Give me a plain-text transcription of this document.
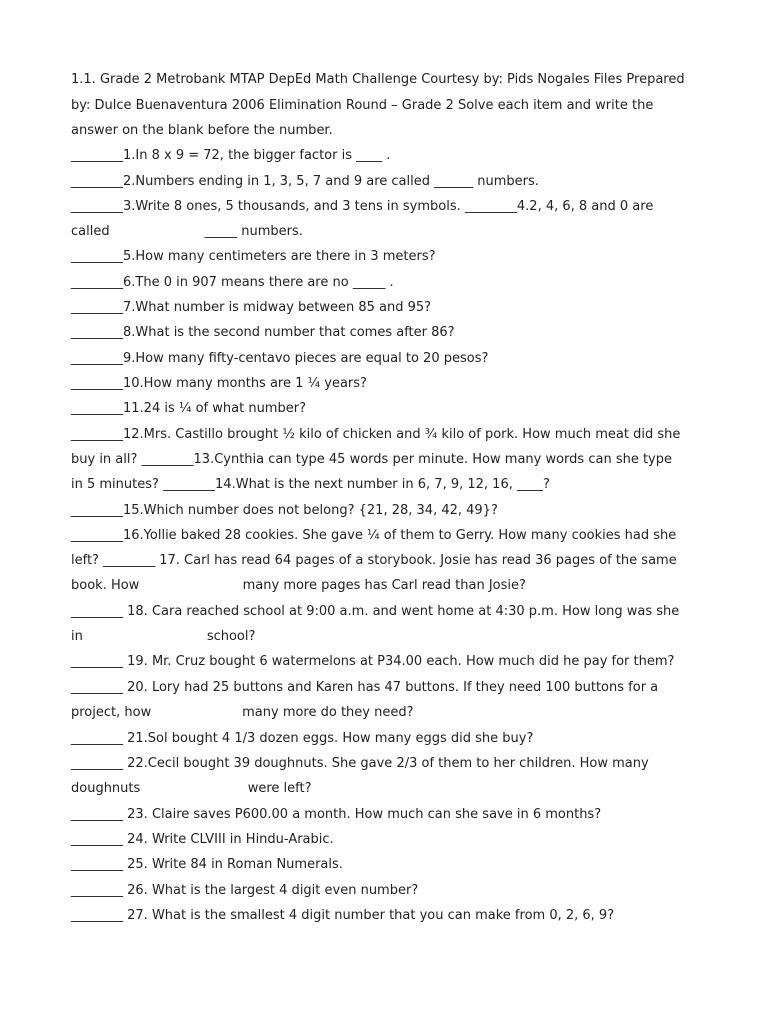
1.1. Grade 2 Metrobank MTAP DepEd Math Challenge Courtesy by: Pids Nogales Files Prepared
by: Dulce Buenaventura 2006 Elimination Round – Grade 2 Solve each item and write the
answer on the blank before the number.
________1.In 8 x 9 = 72, the bigger factor is ____ .
________2.Numbers ending in 1, 3, 5, 7 and 9 are called ______ numbers.
________3.Write 8 ones, 5 thousands, and 3 tens in symbols. ________4.2, 4, 6, 8 and 0 are
called                       _____ numbers.
________5.How many centimeters are there in 3 meters?
________6.The 0 in 907 means there are no _____ .
________7.What number is midway between 85 and 95?
________8.What is the second number that comes after 86?
________9.How many fifty-centavo pieces are equal to 20 pesos?
________10.How many months are 1 ¼ years?
________11.24 is ¼ of what number?
________12.Mrs. Castillo brought ½ kilo of chicken and ¾ kilo of pork. How much meat did she
buy in all? ________13.Cynthia can type 45 words per minute. How many words can she type
in 5 minutes? ________14.What is the next number in 6, 7, 9, 12, 16, ____?
________15.Which number does not belong? {21, 28, 34, 42, 49}?
________16.Yollie baked 28 cookies. She gave ¼ of them to Gerry. How many cookies had she
left? ________ 17. Carl has read 64 pages of a storybook. Josie has read 36 pages of the same
book. How                         many more pages has Carl read than Josie?
________ 18. Cara reached school at 9:00 a.m. and went home at 4:30 p.m. How long was she
in                              school?
________ 19. Mr. Cruz bought 6 watermelons at P34.00 each. How much did he pay for them?
________ 20. Lory had 25 buttons and Karen has 47 buttons. If they need 100 buttons for a
project, how                      many more do they need?
________ 21.Sol bought 4 1/3 dozen eggs. How many eggs did she buy?
________ 22.Cecil bought 39 doughnuts. She gave 2/3 of them to her children. How many
doughnuts                          were left?
________ 23. Claire saves P600.00 a month. How much can she save in 6 months?
________ 24. Write CLVIII in Hindu-Arabic.
________ 25. Write 84 in Roman Numerals.
________ 26. What is the largest 4 digit even number?
________ 27. What is the smallest 4 digit number that you can make from 0, 2, 6, 9?
